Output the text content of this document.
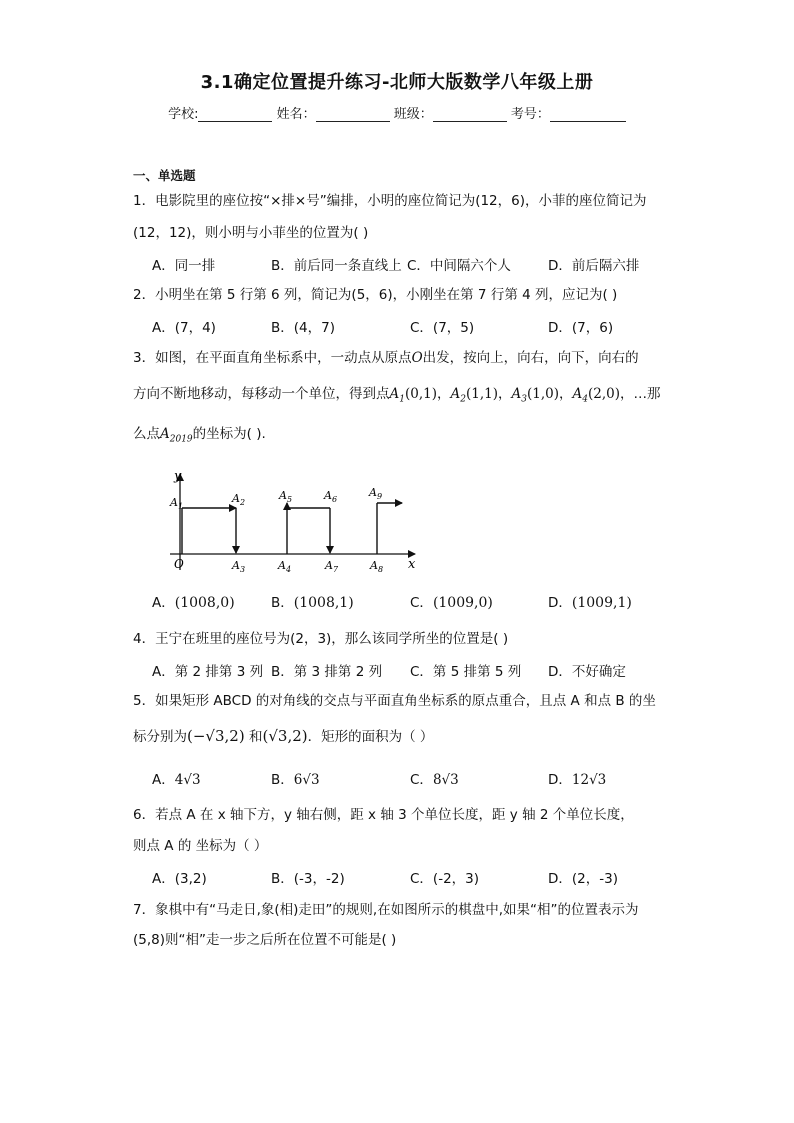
3.1确定位置提升练习-北师大版数学八年级上册
学校:	姓名：	班级：	考号：
一、单选题
1．电影院里的座位按“×排×号”编排，小明的座位简记为(12，6)，小菲的座位简记为
(12，12)，则小明与小菲坐的位置为( )
A．同一排	B．前后同一条直线上 C．中间隔六个人	D．前后隔六排
2．小明坐在第 5 行第 6 列，简记为(5，6)，小刚坐在第 7 行第 4 列，应记为( )
A．(7，4)	B．(4，7)	C．(7，5)	D．(7，6)
3．如图，在平面直角坐标系中，一动点从原点O出发，按向上，向右，向下，向右的
方向不断地移动，每移动一个单位，得到点$A_1(0,1)$，$A_2(1,1)$，$A_3(1,0)$，$A_4(2,0)$，…那
么点$A_{2019}$的坐标为( ).
y
x
O
$A_1$
$A_2$
$A_3$	$A_4$
$A_5$	$A_6$
$A_7$	$A_8$
$A_9$
A．(1008,0)	B．(1008,1)	C．(1009,0)	D．(1009,1)
4．王宁在班里的座位号为(2，3)，那么该同学所坐的位置是( )
A．第 2 排第 3 列 B．第 3 排第 2 列 C．第 5 排第 5 列 D．不好确定
5．如果矩形 ABCD 的对角线的交点与平面直角坐标系的原点重合，且点 A 和点 B 的坐
标分别为(−√3,2) 和(√3,2)．矩形的面积为（ ）
A．4√3	B．6√3	C．8√3	D．12√3
6．若点 A 在 x 轴下方，y 轴右侧，距 x 轴 3 个单位长度，距 y 轴 2 个单位长度，
则点 A 的 坐标为（ ）
A．(3,2)	B．(-3，-2)	C．(-2，3)	D．(2，-3)
7．象棋中有“马走日,象(相)走田”的规则,在如图所示的棋盘中,如果“相”的位置表示为
(5,8)则“相”走一步之后所在位置不可能是( )
